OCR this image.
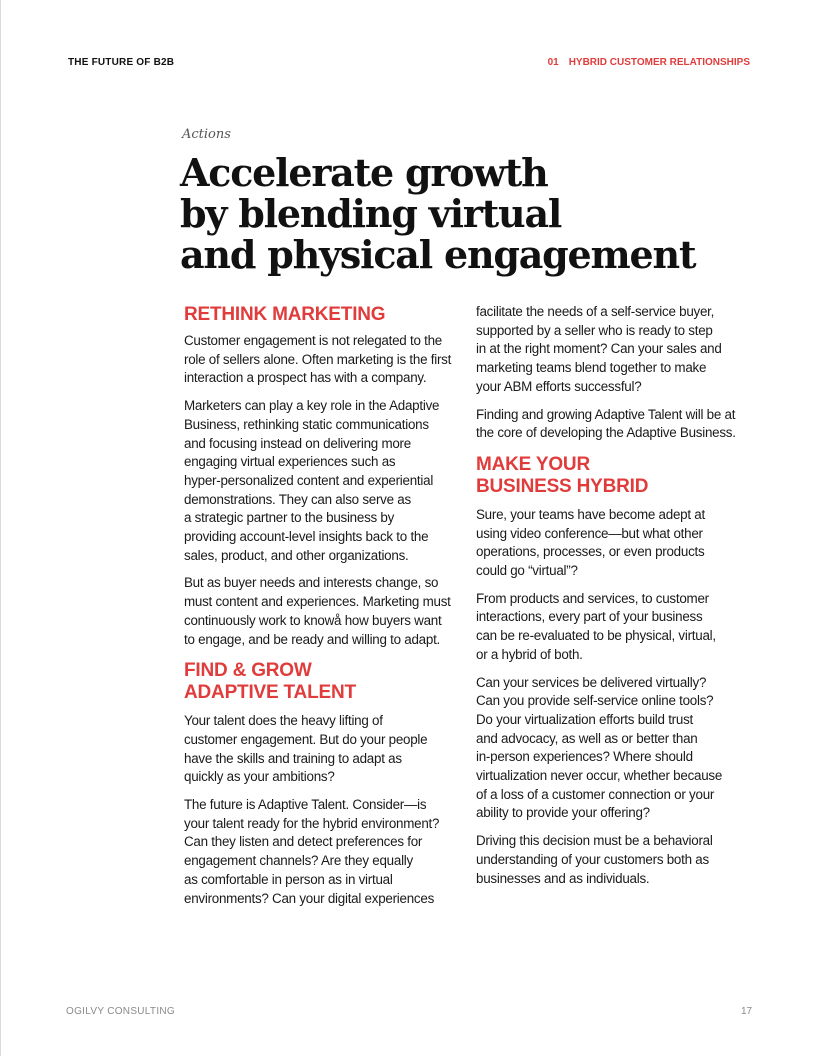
THE FUTURE OF B2B	01 HYBRID CUSTOMER RELATIONSHIPS
Actions
Accelerate growth
by blending virtual
and physical engagement
RETHINK MARKETING

Customer engagement is not relegated to the
role of sellers alone. Often marketing is the first
interaction a prospect has with a company.

Marketers can play a key role in the Adaptive
Business, rethinking static communications
and focusing instead on delivering more
engaging virtual experiences such as
hyper-personalized content and experiential
demonstrations. They can also serve as
a strategic partner to the business by
providing account-level insights back to the
sales, product, and other organizations.

But as buyer needs and interests change, so
must content and experiences. Marketing must
continuously work to knowå how buyers want
to engage, and be ready and willing to adapt.

FIND & GROW
ADAPTIVE TALENT

Your talent does the heavy lifting of
customer engagement. But do your people
have the skills and training to adapt as
quickly as your ambitions?

The future is Adaptive Talent. Consider—is
your talent ready for the hybrid environment?
Can they listen and detect preferences for
engagement channels? Are they equally
as comfortable in person as in virtual
environments? Can your digital experiences

facilitate the needs of a self-service buyer,
supported by a seller who is ready to step
in at the right moment? Can your sales and
marketing teams blend together to make
your ABM efforts successful?

Finding and growing Adaptive Talent will be at
the core of developing the Adaptive Business.

MAKE YOUR
BUSINESS HYBRID

Sure, your teams have become adept at
using video conference—but what other
operations, processes, or even products
could go “virtual”?

From products and services, to customer
interactions, every part of your business
can be re-evaluated to be physical, virtual,
or a hybrid of both.

Can your services be delivered virtually?
Can you provide self-service online tools?
Do your virtualization efforts build trust
and advocacy, as well as or better than
in-person experiences? Where should
virtualization never occur, whether because
of a loss of a customer connection or your
ability to provide your offering?

Driving this decision must be a behavioral
understanding of your customers both as
businesses and as individuals.

OGILVY CONSULTING	17
